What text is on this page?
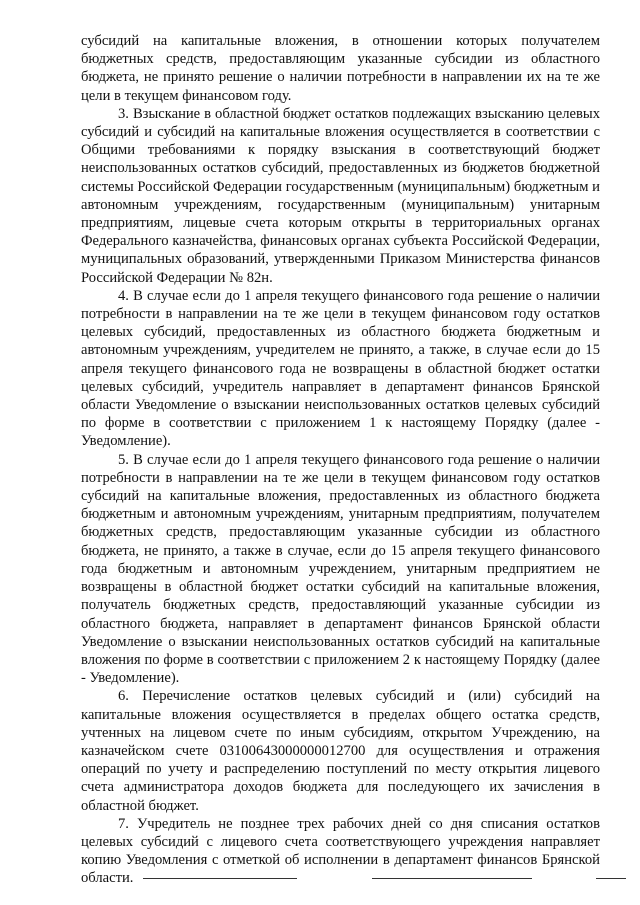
субсидий на капитальные вложения, в отношении которых получателем бюджетных средств, предоставляющим указанные субсидии из областного бюджета, не принято решение о наличии потребности в направлении их на те же цели в текущем финансовом году.

3. Взыскание в областной бюджет остатков подлежащих взысканию целевых субсидий и субсидий на капитальные вложения осуществляется в соответствии с Общими требованиями к порядку взыскания в соответствующий бюджет неиспользованных остатков субсидий, предоставленных из бюджетов бюджетной системы Российской Федерации государственным (муниципальным) бюджетным и автономным учреждениям, государственным (муниципальным) унитарным предприятиям, лицевые счета которым открыты в территориальных органах Федерального казначейства, финансовых органах субъекта Российской Федерации, муниципальных образований, утвержденными Приказом Министерства финансов Российской Федерации № 82н.

4. В случае если до 1 апреля текущего финансового года решение о наличии потребности в направлении на те же цели в текущем финансовом году остатков целевых субсидий, предоставленных из областного бюджета бюджетным и автономным учреждениям, учредителем не принято, а также, в случае если до 15 апреля текущего финансового года не возвращены в областной бюджет остатки целевых субсидий, учредитель направляет в департамент финансов Брянской области Уведомление о взыскании неиспользованных остатков целевых субсидий по форме в соответствии с приложением 1 к настоящему Порядку (далее - Уведомление).

5. В случае если до 1 апреля текущего финансового года решение о наличии потребности в направлении на те же цели в текущем финансовом году остатков субсидий на капитальные вложения, предоставленных из областного бюджета бюджетным и автономным учреждениям, унитарным предприятиям, получателем бюджетных средств, предоставляющим указанные субсидии из областного бюджета, не принято, а также в случае, если до 15 апреля текущего финансового года бюджетным и автономным учреждением, унитарным предприятием не возвращены в областной бюджет остатки субсидий на капитальные вложения, получатель бюджетных средств, предоставляющий указанные субсидии из областного бюджета, направляет в департамент финансов Брянской области Уведомление о взыскании неиспользованных остатков субсидий на капитальные вложения по форме в соответствии с приложением 2 к настоящему Порядку (далее - Уведомление).

6. Перечисление остатков целевых субсидий и (или) субсидий на капитальные вложения осуществляется в пределах общего остатка средств, учтенных на лицевом счете по иным субсидиям, открытом Учреждению, на казначейском счете 03100643000000012700 для осуществления и отражения операций по учету и распределению поступлений по месту открытия лицевого счета администратора доходов бюджета для последующего их зачисления в областной бюджет.

7. Учредитель не позднее трех рабочих дней со дня списания остатков целевых субсидий с лицевого счета соответствующего учреждения направляет копию Уведомления с отметкой об исполнении в департамент финансов Брянской области.
